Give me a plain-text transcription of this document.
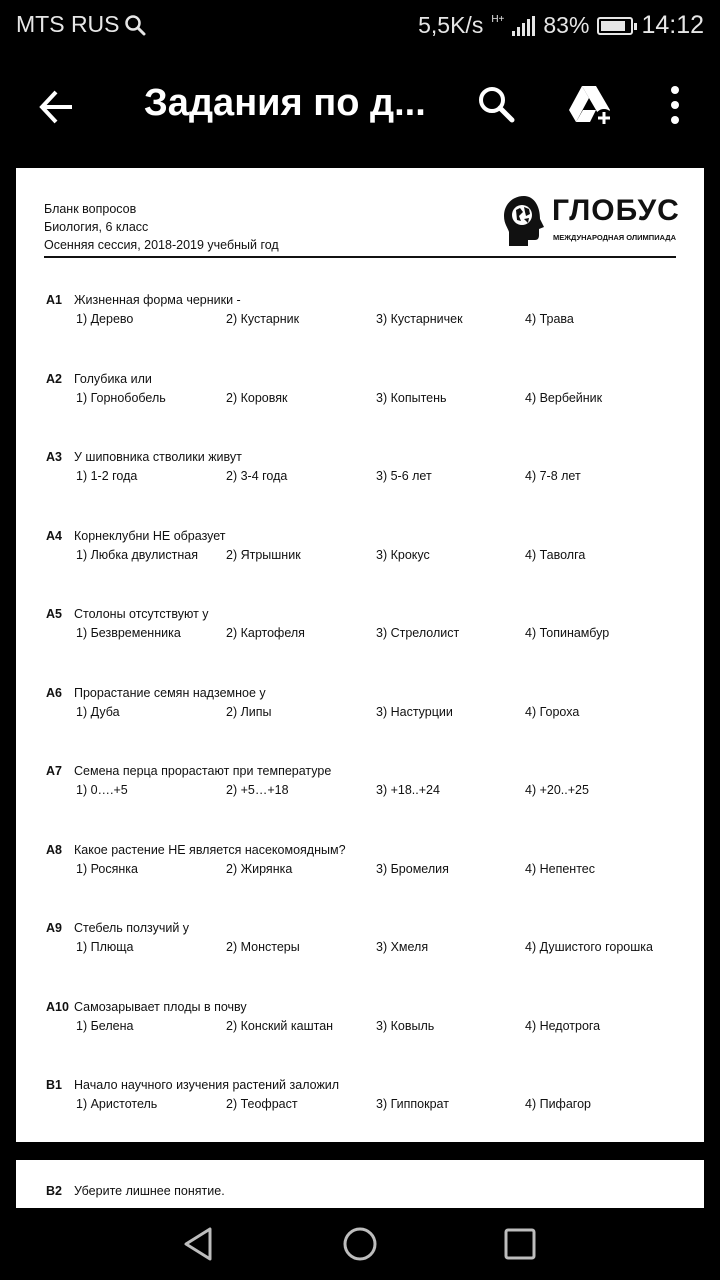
MTS RUS	5,5K/s H+ 83% 14:12
Задания по д...
Бланк вопросов
Биология, 6 класс
Осенняя сессия, 2018-2019 учебный год
ГЛОБУС
МЕЖДУНАРОДНАЯ ОЛИМПИАДА
A1 Жизненная форма черники -
1) Дерево	2) Кустарник	3) Кустарничек	4) Трава
A2 Голубика или
1) Горнобобель	2) Коровяк	3) Копытень	4) Вербейник
A3 У шиповника стволики живут
1) 1-2 года	2) 3-4 года	3) 5-6 лет	4) 7-8 лет
A4 Корнеклубни НЕ образует
1) Любка двулистная 2) Ятрышник	3) Крокус	4) Таволга
A5 Столоны отсутствуют у
1) Безвременника	2) Картофеля	3) Стрелолист	4) Топинамбур
A6 Прорастание семян надземное у
1) Дуба	2) Липы	3) Настурции	4) Гороха
A7 Семена перца прорастают при температуре
1) 0….+5	2) +5…+18	3) +18..+24	4) +20..+25
A8 Какое растение НЕ является насекомоядным?
1) Росянка	2) Жирянка	3) Бромелия	4) Непентес
A9 Стебель ползучий у
1) Плюща	2) Монстеры	3) Хмеля	4) Душистого горошка
A10 Самозарывает плоды в почву
1) Белена	2) Конский каштан	3) Ковыль	4) Недотрога
B1 Начало научного изучения растений заложил
1) Аристотель	2) Теофраст	3) Гиппократ	4) Пифагор
B2 Уберите лишнее понятие.
